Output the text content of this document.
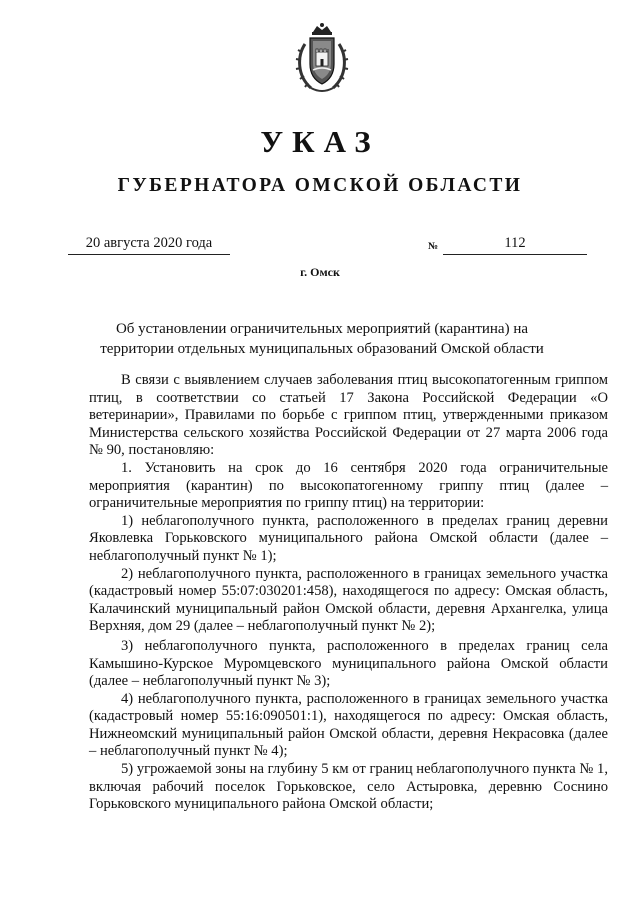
УКАЗ
ГУБЕРНАТОРА ОМСКОЙ ОБЛАСТИ
20 августа 2020 года	№	112
г. Омск
Об установлении ограничительных мероприятий (карантина) на территории отдельных муниципальных образований Омской области

В связи с выявлением случаев заболевания птиц высокопатогенным гриппом птиц, в соответствии со статьей 17 Закона Российской Федерации «О ветеринарии», Правилами по борьбе с гриппом птиц, утвержденными приказом Министерства сельского хозяйства Российской Федерации от 27 марта 2006 года № 90, постановляю:

1. Установить на срок до 16 сентября 2020 года ограничительные мероприятия (карантин) по высокопатогенному гриппу птиц (далее – ограничительные мероприятия по гриппу птиц) на территории:

1) неблагополучного пункта, расположенного в пределах границ деревни Яковлевка Горьковского муниципального района Омской области (далее – неблагополучный пункт № 1);

2) неблагополучного пункта, расположенного в границах земельного участка (кадастровый номер 55:07:030201:458), находящегося по адресу: Омская область, Калачинский муниципальный район Омской области, деревня Архангелка, улица Верхняя, дом 29 (далее – неблагополучный пункт № 2);

3) неблагополучного пункта, расположенного в пределах границ села Камышино-Курское Муромцевского муниципального района Омской области (далее – неблагополучный пункт № 3);

4) неблагополучного пункта, расположенного в границах земельного участка (кадастровый номер 55:16:090501:1), находящегося по адресу: Омская область, Нижнеомский муниципальный район Омской области, деревня Некрасовка (далее – неблагополучный пункт № 4);

5) угрожаемой зоны на глубину 5 км от границ неблагополучного пункта № 1, включая рабочий поселок Горьковское, село Астыровка, деревню Соснино Горьковского муниципального района Омской области;
